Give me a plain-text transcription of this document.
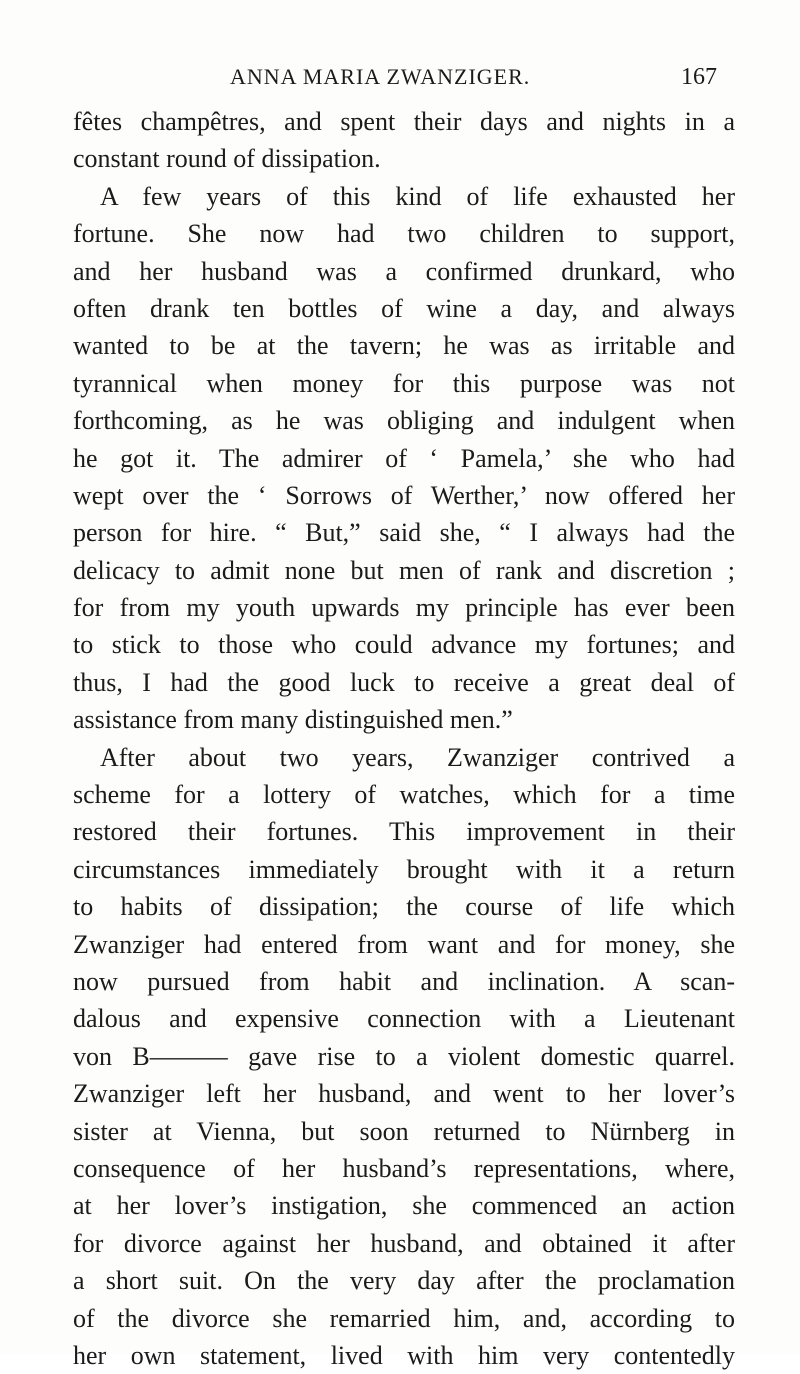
ANNA MARIA ZWANZIGER.	167
fêtes champêtres, and spent their days and nights in a
constant round of dissipation.
A few years of this kind of life exhausted her
fortune. She now had two children to support,
and her husband was a confirmed drunkard, who
often drank ten bottles of wine a day, and always
wanted to be at the tavern; he was as irritable and
tyrannical when money for this purpose was not
forthcoming, as he was obliging and indulgent when
he got it. The admirer of ‘ Pamela,’ she who had
wept over the ‘ Sorrows of Werther,’ now offered her
person for hire. “ But,” said she, “ I always had the
delicacy to admit none but men of rank and discretion ;
for from my youth upwards my principle has ever been
to stick to those who could advance my fortunes; and
thus, I had the good luck to receive a great deal of
assistance from many distinguished men.”
After about two years, Zwanziger contrived a
scheme for a lottery of watches, which for a time
restored their fortunes. This improvement in their
circumstances immediately brought with it a return
to habits of dissipation; the course of life which
Zwanziger had entered from want and for money, she
now pursued from habit and inclination. A scan-
dalous and expensive connection with a Lieutenant
von B——— gave rise to a violent domestic quarrel.
Zwanziger left her husband, and went to her lover’s
sister at Vienna, but soon returned to Nürnberg in
consequence of her husband’s representations, where,
at her lover’s instigation, she commenced an action
for divorce against her husband, and obtained it after
a short suit. On the very day after the proclamation
of the divorce she remarried him, and, according to
her own statement, lived with him very contentedly
